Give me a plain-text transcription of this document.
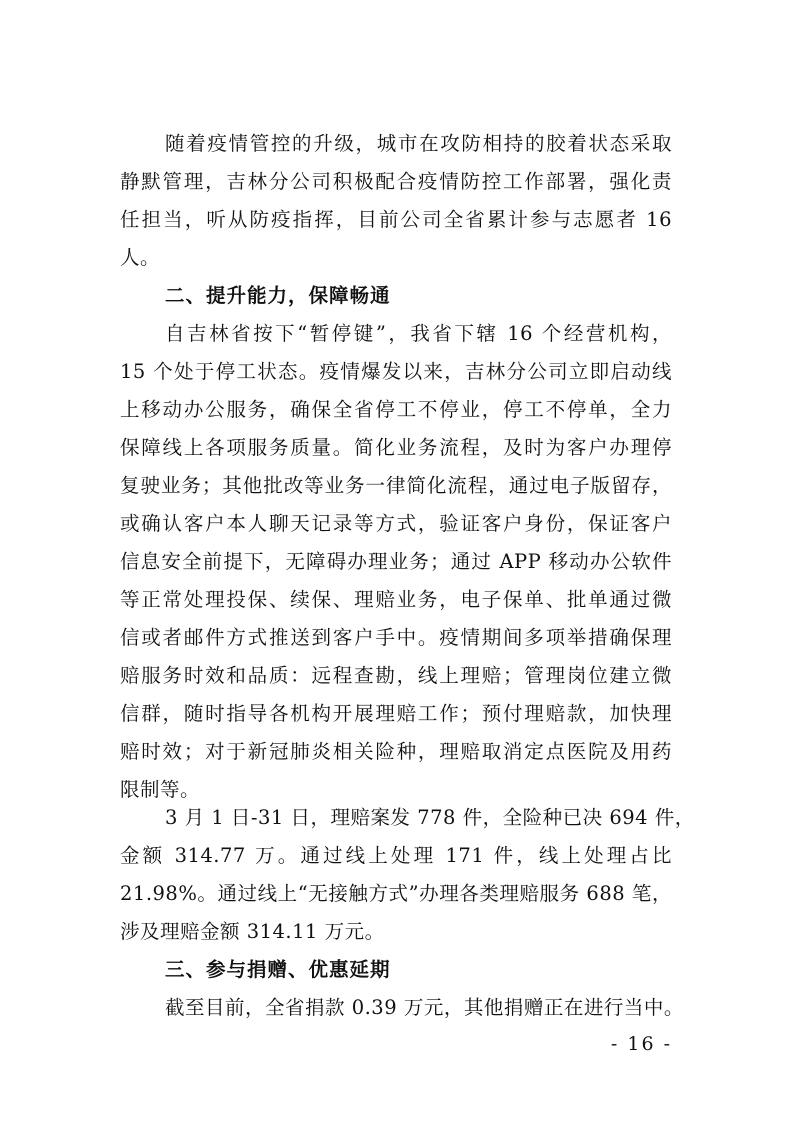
随着疫情管控的升级，城市在攻防相持的胶着状态采取
静默管理，吉林分公司积极配合疫情防控工作部署，强化责
任担当，听从防疫指挥，目前公司全省累计参与志愿者 16
人。
二、提升能力，保障畅通
自吉林省按下“暂停键”，我省下辖 16 个经营机构，
15 个处于停工状态。疫情爆发以来，吉林分公司立即启动线
上移动办公服务，确保全省停工不停业，停工不停单，全力
保障线上各项服务质量。简化业务流程，及时为客户办理停
复驶业务；其他批改等业务一律简化流程，通过电子版留存，
或确认客户本人聊天记录等方式，验证客户身份，保证客户
信息安全前提下，无障碍办理业务；通过 APP 移动办公软件
等正常处理投保、续保、理赔业务，电子保单、批单通过微
信或者邮件方式推送到客户手中。疫情期间多项举措确保理
赔服务时效和品质：远程查勘，线上理赔；管理岗位建立微
信群，随时指导各机构开展理赔工作；预付理赔款，加快理
赔时效；对于新冠肺炎相关险种，理赔取消定点医院及用药
限制等。
3 月 1 日-31 日，理赔案发 778 件，全险种已决 694 件，
金额 314.77 万。通过线上处理 171 件，线上处理占比
21.98%。通过线上“无接触方式”办理各类理赔服务 688 笔，
涉及理赔金额 314.11 万元。
三、参与捐赠、优惠延期
截至目前，全省捐款 0.39 万元，其他捐赠正在进行当中。
- 16 -
